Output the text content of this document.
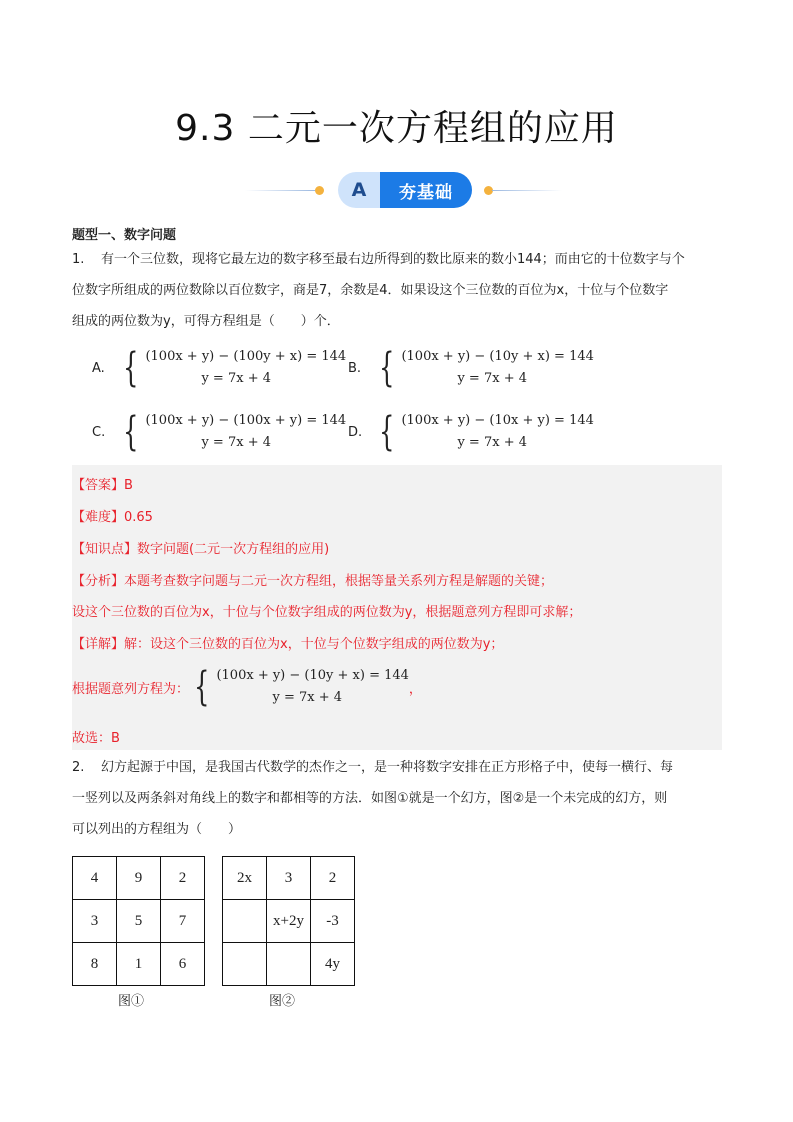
9.3 二元一次方程组的应用
A	夯基础
题型一、数字问题
1. 有一个三位数，现将它最左边的数字移至最右边所得到的数比原来的数小144；而由它的十位数字与个
位数字所组成的两位数除以百位数字，商是7，余数是4．如果设这个三位数的百位为x，十位与个位数字
组成的两位数为y，可得方程组是（　　）个．
A. { (100x + y) − (100y + x) = 144
y = 7x + 4
B. { (100x + y) − (10y + x) = 144
y = 7x + 4
C. { (100x + y) − (100x + y) = 144
y = 7x + 4
D. { (100x + y) − (10x + y) = 144
y = 7x + 4
【答案】B
【难度】0.65
【知识点】数字问题(二元一次方程组的应用)
【分析】本题考查数字问题与二元一次方程组，根据等量关系列方程是解题的关键；
设这个三位数的百位为x，十位与个位数字组成的两位数为y，根据题意列方程即可求解；
【详解】解：设这个三位数的百位为x，十位与个位数字组成的两位数为y；
根据题意列方程为： { (100x + y) − (10y + x) = 144
y = 7x + 4
，
故选：B
2. 幻方起源于中国，是我国古代数学的杰作之一，是一种将数字安排在正方形格子中，使每一横行、每
一竖列以及两条斜对角线上的数字和都相等的方法．如图①就是一个幻方，图②是一个未完成的幻方，则
可以列出的方程组为（　　）
4	9	2
3	5	7
8	1	6
2x	3	2
	x+2y	-3
		4y
图①	图②
